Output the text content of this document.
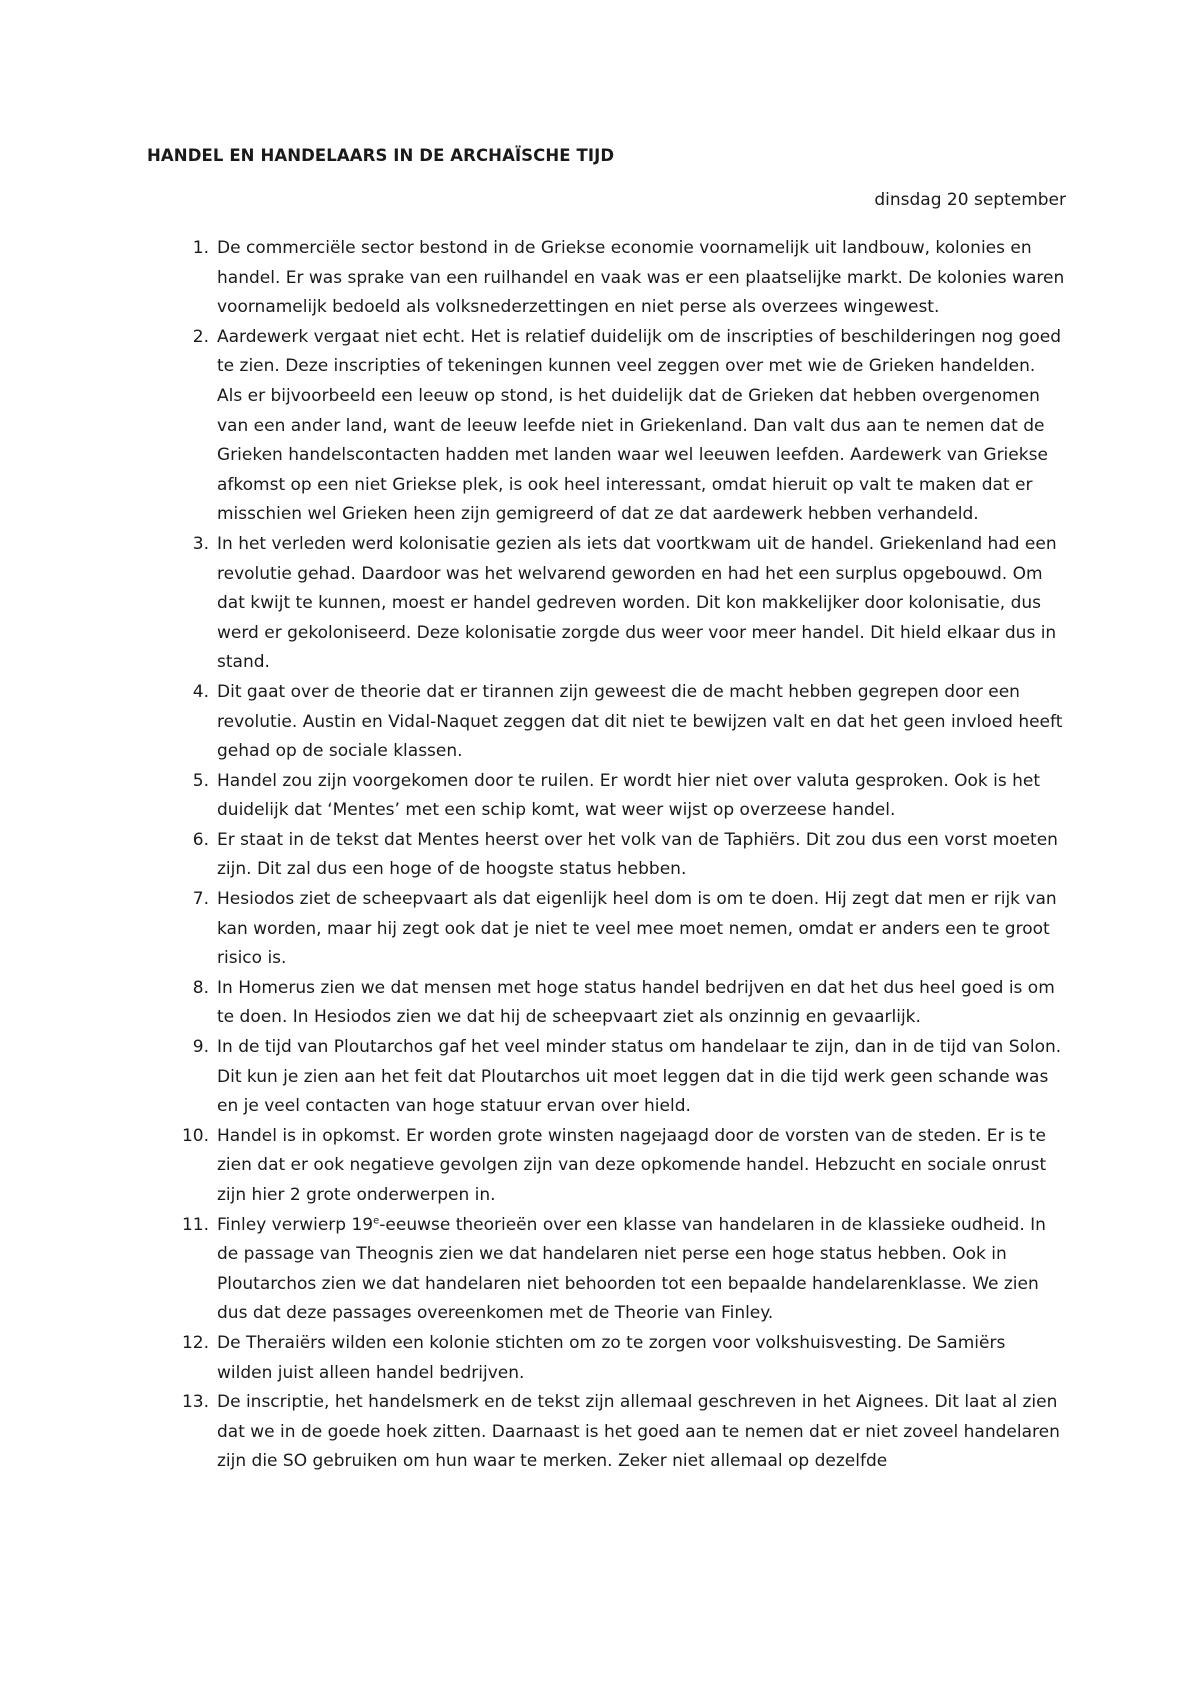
HANDEL EN HANDELAARS IN DE ARCHAÏSCHE TIJD
dinsdag 20 september
1. De commerciële sector bestond in de Griekse economie voornamelijk uit landbouw, kolonies en handel. Er was sprake van een ruilhandel en vaak was er een plaatselijke markt. De kolonies waren voornamelijk bedoeld als volksnederzettingen en niet perse als overzees wingewest.
2. Aardewerk vergaat niet echt. Het is relatief duidelijk om de inscripties of beschilderingen nog goed te zien. Deze inscripties of tekeningen kunnen veel zeggen over met wie de Grieken handelden. Als er bijvoorbeeld een leeuw op stond, is het duidelijk dat de Grieken dat hebben overgenomen van een ander land, want de leeuw leefde niet in Griekenland. Dan valt dus aan te nemen dat de Grieken handelscontacten hadden met landen waar wel leeuwen leefden. Aardewerk van Griekse afkomst op een niet Griekse plek, is ook heel interessant, omdat hieruit op valt te maken dat er misschien wel Grieken heen zijn gemigreerd of dat ze dat aardewerk hebben verhandeld.
3. In het verleden werd kolonisatie gezien als iets dat voortkwam uit de handel. Griekenland had een revolutie gehad. Daardoor was het welvarend geworden en had het een surplus opgebouwd. Om dat kwijt te kunnen, moest er handel gedreven worden. Dit kon makkelijker door kolonisatie, dus werd er gekoloniseerd. Deze kolonisatie zorgde dus weer voor meer handel. Dit hield elkaar dus in stand.
4. Dit gaat over de theorie dat er tirannen zijn geweest die de macht hebben gegrepen door een revolutie. Austin en Vidal-Naquet zeggen dat dit niet te bewijzen valt en dat het geen invloed heeft gehad op de sociale klassen.
5. Handel zou zijn voorgekomen door te ruilen. Er wordt hier niet over valuta gesproken. Ook is het duidelijk dat ‘Mentes’ met een schip komt, wat weer wijst op overzeese handel.
6. Er staat in de tekst dat Mentes heerst over het volk van de Taphiërs. Dit zou dus een vorst moeten zijn. Dit zal dus een hoge of de hoogste status hebben.
7. Hesiodos ziet de scheepvaart als dat eigenlijk heel dom is om te doen. Hij zegt dat men er rijk van kan worden, maar hij zegt ook dat je niet te veel mee moet nemen, omdat er anders een te groot risico is.
8. In Homerus zien we dat mensen met hoge status handel bedrijven en dat het dus heel goed is om te doen. In Hesiodos zien we dat hij de scheepvaart ziet als onzinnig en gevaarlijk.
9. In de tijd van Ploutarchos gaf het veel minder status om handelaar te zijn, dan in de tijd van Solon. Dit kun je zien aan het feit dat Ploutarchos uit moet leggen dat in die tijd werk geen schande was en je veel contacten van hoge statuur ervan over hield.
10. Handel is in opkomst. Er worden grote winsten nagejaagd door de vorsten van de steden. Er is te zien dat er ook negatieve gevolgen zijn van deze opkomende handel. Hebzucht en sociale onrust zijn hier 2 grote onderwerpen in.
11. Finley verwierp 19e-eeuwse theorieën over een klasse van handelaren in de klassieke oudheid. In de passage van Theognis zien we dat handelaren niet perse een hoge status hebben. Ook in Ploutarchos zien we dat handelaren niet behoorden tot een bepaalde handelarenklasse. We zien dus dat deze passages overeenkomen met de Theorie van Finley.
12. De Theraiërs wilden een kolonie stichten om zo te zorgen voor volkshuisvesting. De Samiërs wilden juist alleen handel bedrijven.
13. De inscriptie, het handelsmerk en de tekst zijn allemaal geschreven in het Aignees. Dit laat al zien dat we in de goede hoek zitten. Daarnaast is het goed aan te nemen dat er niet zoveel handelaren zijn die SO gebruiken om hun waar te merken. Zeker niet allemaal op dezelfde
